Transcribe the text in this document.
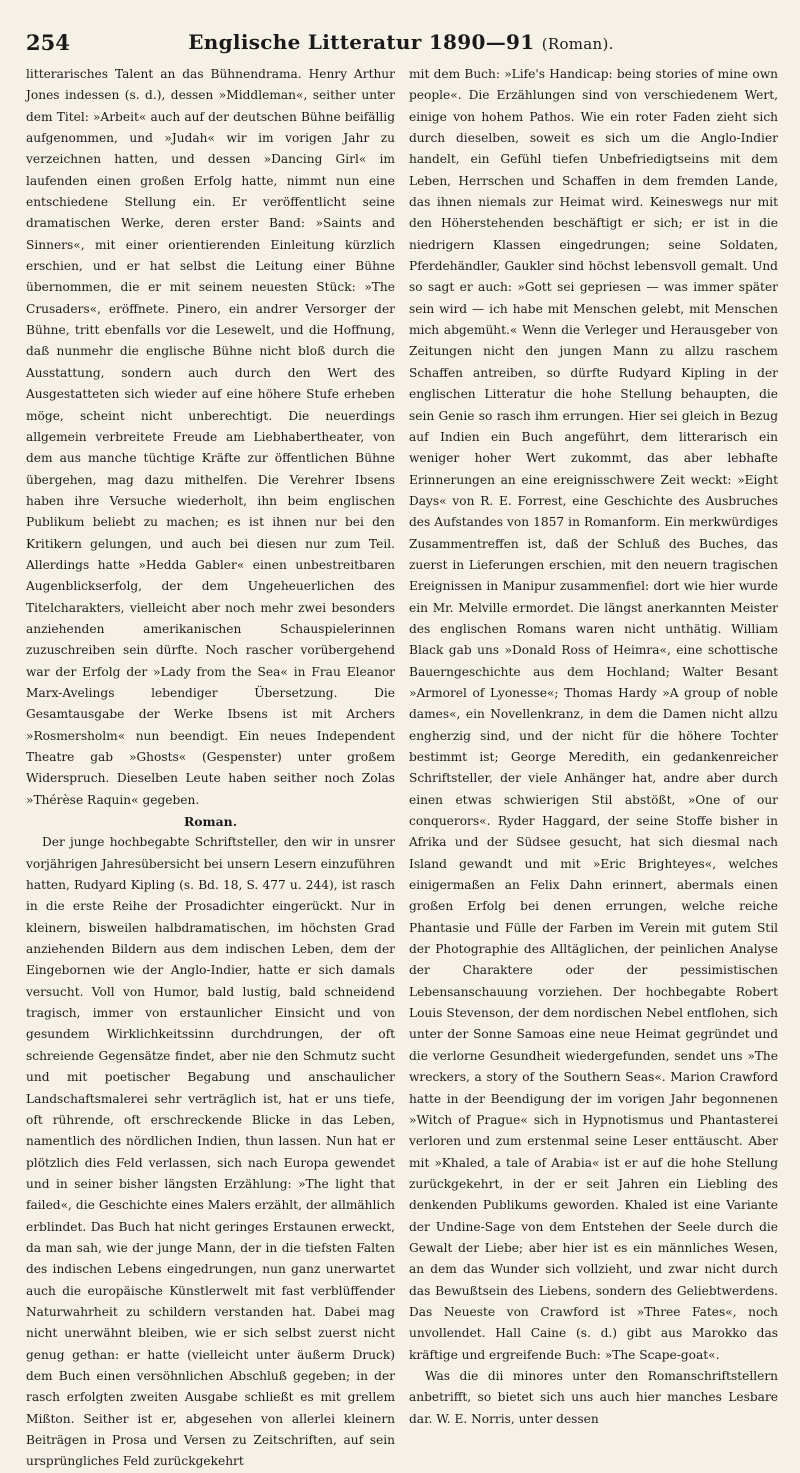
254	Englische Litteratur 1890—91 (Roman).

litterarisches Talent an das Bühnendrama. Henry Arthur Jones indessen (s. d.), dessen »Middleman«, seither unter dem Titel: »Arbeit« auch auf der deutschen Bühne beifällig aufgenommen, und »Judah« wir im vorigen Jahr zu verzeichnen hatten, und dessen »Dancing Girl« im laufenden einen großen Erfolg hatte, nimmt nun eine entschiedene Stellung ein. Er veröffentlicht seine dramatischen Werke, deren erster Band: »Saints and Sinners«, mit einer orientierenden Einleitung kürzlich erschien, und er hat selbst die Leitung einer Bühne übernommen, die er mit seinem neuesten Stück: »The Crusaders«, eröffnete. Pinero, ein andrer Versorger der Bühne, tritt ebenfalls vor die Lesewelt, und die Hoffnung, daß nunmehr die englische Bühne nicht bloß durch die Ausstattung, sondern auch durch den Wert des Ausgestatteten sich wieder auf eine höhere Stufe erheben möge, scheint nicht unberechtigt. Die neuerdings allgemein verbreitete Freude am Liebhabertheater, von dem aus manche tüchtige Kräfte zur öffentlichen Bühne übergehen, mag dazu mithelfen. Die Verehrer Ibsens haben ihre Versuche wiederholt, ihn beim englischen Publikum beliebt zu machen; es ist ihnen nur bei den Kritikern gelungen, und auch bei diesen nur zum Teil. Allerdings hatte »Hedda Gabler« einen unbestreitbaren Augenblickserfolg, der dem Ungeheuerlichen des Titelcharakters, vielleicht aber noch mehr zwei besonders anziehenden amerikanischen Schauspielerinnen zuzuschreiben sein dürfte. Noch rascher vorübergehend war der Erfolg der »Lady from the Sea« in Frau Eleanor Marx-Avelings lebendiger Übersetzung. Die Gesamtausgabe der Werke Ibsens ist mit Archers »Rosmersholm« nun beendigt. Ein neues Independent Theatre gab »Ghosts« (Gespenster) unter großem Widerspruch. Dieselben Leute haben seither noch Zolas »Thérèse Raquin« gegeben.

Roman.

Der junge hochbegabte Schriftsteller, den wir in unsrer vorjährigen Jahresübersicht bei unsern Lesern einzuführen hatten, Rudyard Kipling (s. Bd. 18, S. 477 u. 244), ist rasch in die erste Reihe der Prosadichter eingerückt. Nur in kleinern, bisweilen halbdramatischen, im höchsten Grad anziehenden Bildern aus dem indischen Leben, dem der Eingebornen wie der Anglo-Indier, hatte er sich damals versucht. Voll von Humor, bald lustig, bald schneidend tragisch, immer von erstaunlicher Einsicht und von gesundem Wirklichkeitssinn durchdrungen, der oft schreiende Gegensätze findet, aber nie den Schmutz sucht und mit poetischer Begabung und anschaulicher Landschaftsmalerei sehr verträglich ist, hat er uns tiefe, oft rührende, oft erschreckende Blicke in das Leben, namentlich des nördlichen Indien, thun lassen. Nun hat er plötzlich dies Feld verlassen, sich nach Europa gewendet und in seiner bisher längsten Erzählung: »The light that failed«, die Geschichte eines Malers erzählt, der allmählich erblindet. Das Buch hat nicht geringes Erstaunen erweckt, da man sah, wie der junge Mann, der in die tiefsten Falten des indischen Lebens eingedrungen, nun ganz unerwartet auch die europäische Künstlerwelt mit fast verblüffender Naturwahrheit zu schildern verstanden hat. Dabei mag nicht unerwähnt bleiben, wie er sich selbst zuerst nicht genug gethan: er hatte (vielleicht unter äußerm Druck) dem Buch einen versöhnlichen Abschluß gegeben; in der rasch erfolgten zweiten Ausgabe schließt es mit grellem Mißton. Seither ist er, abgesehen von allerlei kleinern Beiträgen in Prosa und Versen zu Zeitschriften, auf sein ursprüngliches Feld zurückgekehrt

mit dem Buch: »Life's Handicap: being stories of mine own people«. Die Erzählungen sind von verschiedenem Wert, einige von hohem Pathos. Wie ein roter Faden zieht sich durch dieselben, soweit es sich um die Anglo-Indier handelt, ein Gefühl tiefen Unbefriedigtseins mit dem Leben, Herrschen und Schaffen in dem fremden Lande, das ihnen niemals zur Heimat wird. Keineswegs nur mit den Höherstehenden beschäftigt er sich; er ist in die niedrigern Klassen eingedrungen; seine Soldaten, Pferdehändler, Gaukler sind höchst lebensvoll gemalt. Und so sagt er auch: »Gott sei gepriesen — was immer später sein wird — ich habe mit Menschen gelebt, mit Menschen mich abgemüht.« Wenn die Verleger und Herausgeber von Zeitungen nicht den jungen Mann zu allzu raschem Schaffen antreiben, so dürfte Rudyard Kipling in der englischen Litteratur die hohe Stellung behaupten, die sein Genie so rasch ihm errungen. Hier sei gleich in Bezug auf Indien ein Buch angeführt, dem litterarisch ein weniger hoher Wert zukommt, das aber lebhafte Erinnerungen an eine ereignisschwere Zeit weckt: »Eight Days« von R. E. Forrest, eine Geschichte des Ausbruches des Aufstandes von 1857 in Romanform. Ein merkwürdiges Zusammentreffen ist, daß der Schluß des Buches, das zuerst in Lieferungen erschien, mit den neuern tragischen Ereignissen in Manipur zusammenfiel: dort wie hier wurde ein Mr. Melville ermordet. Die längst anerkannten Meister des englischen Romans waren nicht unthätig. William Black gab uns »Donald Ross of Heimra«, eine schottische Bauerngeschichte aus dem Hochland; Walter Besant »Armorel of Lyonesse«; Thomas Hardy »A group of noble dames«, ein Novellenkranz, in dem die Damen nicht allzu engherzig sind, und der nicht für die höhere Tochter bestimmt ist; George Meredith, ein gedankenreicher Schriftsteller, der viele Anhänger hat, andre aber durch einen etwas schwierigen Stil abstößt, »One of our conquerors«. Ryder Haggard, der seine Stoffe bisher in Afrika und der Südsee gesucht, hat sich diesmal nach Island gewandt und mit »Eric Brighteyes«, welches einigermaßen an Felix Dahn erinnert, abermals einen großen Erfolg bei denen errungen, welche reiche Phantasie und Fülle der Farben im Verein mit gutem Stil der Photographie des Alltäglichen, der peinlichen Analyse der Charaktere oder der pessimistischen Lebensanschauung vorziehen. Der hochbegabte Robert Louis Stevenson, der dem nordischen Nebel entflohen, sich unter der Sonne Samoas eine neue Heimat gegründet und die verlorne Gesundheit wiedergefunden, sendet uns »The wreckers, a story of the Southern Seas«. Marion Crawford hatte in der Beendigung der im vorigen Jahr begonnenen »Witch of Prague« sich in Hypnotismus und Phantasterei verloren und zum erstenmal seine Leser enttäuscht. Aber mit »Khaled, a tale of Arabia« ist er auf die hohe Stellung zurückgekehrt, in der er seit Jahren ein Liebling des denkenden Publikums geworden. Khaled ist eine Variante der Undine-Sage von dem Entstehen der Seele durch die Gewalt der Liebe; aber hier ist es ein männliches Wesen, an dem das Wunder sich vollzieht, und zwar nicht durch das Bewußtsein des Liebens, sondern des Geliebtwerdens. Das Neueste von Crawford ist »Three Fates«, noch unvollendet. Hall Caine (s. d.) gibt aus Marokko das kräftige und ergreifende Buch: »The Scape-goat«.

Was die dii minores unter den Romanschriftstellern anbetrifft, so bietet sich uns auch hier manches Lesbare dar. W. E. Norris, unter dessen
